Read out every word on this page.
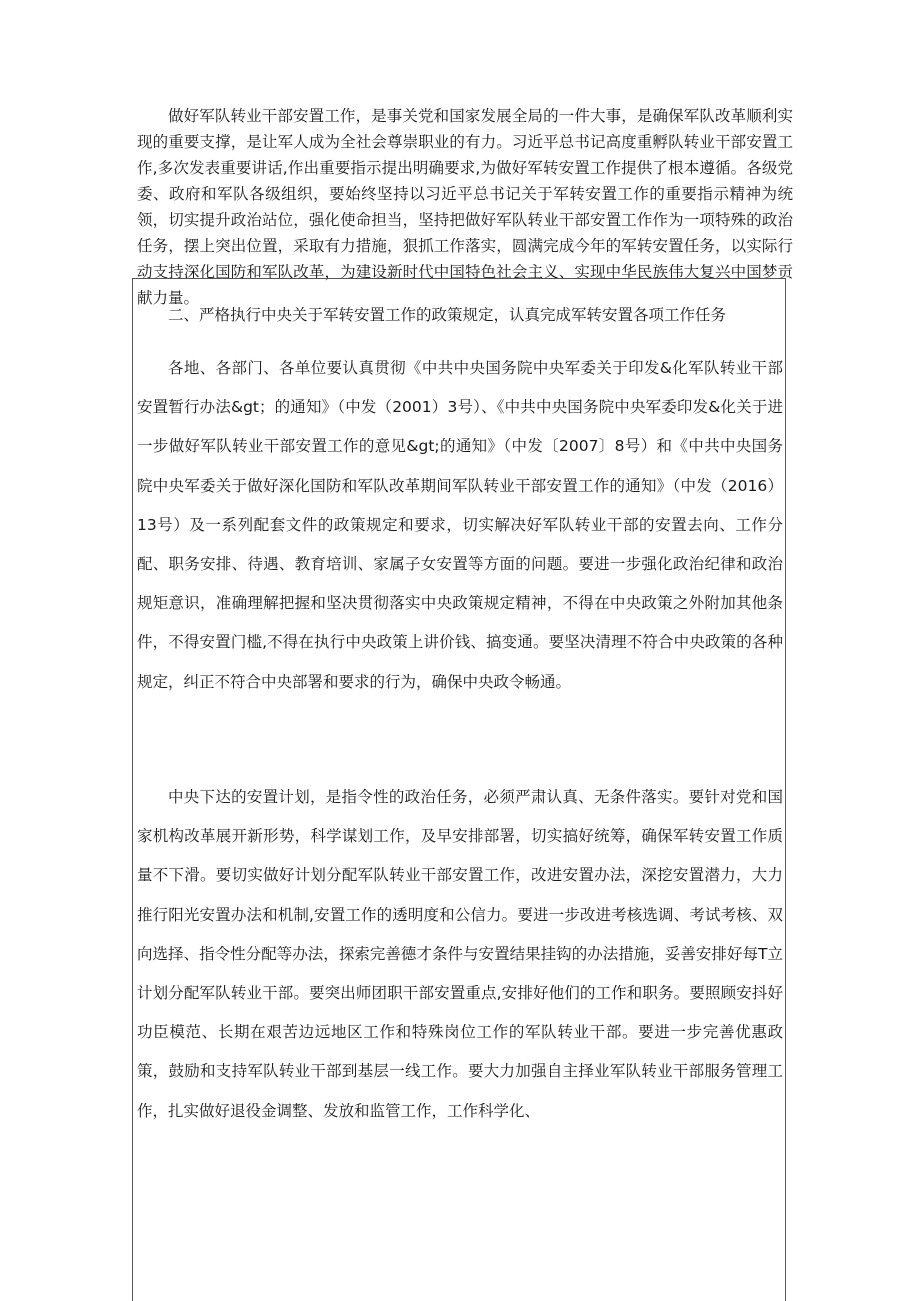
做好军队转业干部安置工作，是事关党和国家发展全局的一件大事，是确保军队改革顺利实现的重要支撑，是让军人成为全社会尊崇职业的有力。习近平总书记高度重孵队转业干部安置工作,多次发表重要讲话,作出重要指示提出明确要求,为做好军转安置工作提供了根本遵循。各级党委、政府和军队各级组织，要始终坚持以习近平总书记关于军转安置工作的重要指示精神为统领，切实提升政治站位，强化使命担当，坚持把做好军队转业干部安置工作作为一项特殊的政治任务，摆上突出位置，采取有力措施，狠抓工作落实，圆满完成今年的军转安置任务，以实际行动支持深化国防和军队改革，为建设新时代中国特色社会主义、实现中华民族伟大复兴中国梦贡献力量。

二、严格执行中央关于军转安置工作的政策规定，认真完成军转安置各项工作任务

各地、各部门、各单位要认真贯彻《中共中央国务院中央军委关于印发&化军队转业干部安置暂行办法&gt；的通知》（中发（2001）3号）、《中共中央国务院中央军委印发&化关于进一步做好军队转业干部安置工作的意见&gt;的通知》（中发〔2007〕8号）和《中共中央国务院中央军委关于做好深化国防和军队改革期间军队转业干部安置工作的通知》（中发（2016）13号）及一系列配套文件的政策规定和要求，切实解决好军队转业干部的安置去向、工作分配、职务安排、待遇、教育培训、家属子女安置等方面的问题。要进一步强化政治纪律和政治规矩意识，准确理解把握和坚决贯彻落实中央政策规定精神，不得在中央政策之外附加其他条件，不得安置门槛,不得在执行中央政策上讲价钱、搞变通。要坚决清理不符合中央政策的各种规定，纠正不符合中央部署和要求的行为，确保中央政令畅通。

中央下达的安置计划，是指令性的政治任务，必须严肃认真、无条件落实。要针对党和国家机构改革展开新形势，科学谋划工作，及早安排部署，切实搞好统筹，确保军转安置工作质量不下滑。要切实做好计划分配军队转业干部安置工作，改进安置办法，深挖安置潜力，大力推行阳光安置办法和机制,安置工作的透明度和公信力。要进一步改进考核选调、考试考核、双向选择、指令性分配等办法，探索完善德才条件与安置结果挂钩的办法措施，妥善安排好每T立计划分配军队转业干部。要突出师团职干部安置重点,安排好他们的工作和职务。要照顾安抖好功臣模范、长期在艰苦边远地区工作和特殊岗位工作的军队转业干部。要进一步完善优惠政策，鼓励和支持军队转业干部到基层一线工作。要大力加强自主择业军队转业干部服务管理工作，扎实做好退役金调整、发放和监管工作，工作科学化、
